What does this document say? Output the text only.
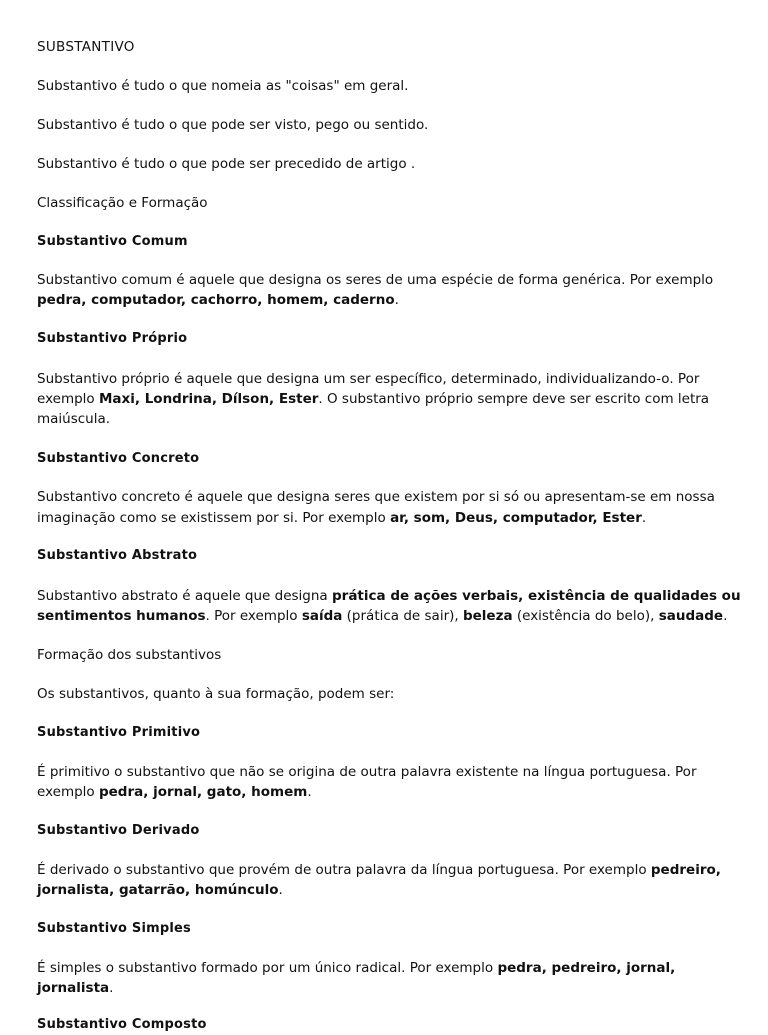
SUBSTANTIVO
Substantivo é tudo o que nomeia as "coisas" em geral.
Substantivo é tudo o que pode ser visto, pego ou sentido.
Substantivo é tudo o que pode ser precedido de artigo .
Classificação e Formação
Substantivo Comum
Substantivo comum é aquele que designa os seres de uma espécie de forma genérica. Por exemplo
pedra, computador, cachorro, homem, caderno.
Substantivo Próprio
Substantivo próprio é aquele que designa um ser específico, determinado, individualizando-o. Por
exemplo Maxi, Londrina, Dílson, Ester. O substantivo próprio sempre deve ser escrito com letra
maiúscula.
Substantivo Concreto
Substantivo concreto é aquele que designa seres que existem por si só ou apresentam-se em nossa
imaginação como se existissem por si. Por exemplo ar, som, Deus, computador, Ester.
Substantivo Abstrato
Substantivo abstrato é aquele que designa prática de ações verbais, existência de qualidades ou
sentimentos humanos. Por exemplo saída (prática de sair), beleza (existência do belo), saudade.
Formação dos substantivos
Os substantivos, quanto à sua formação, podem ser:
Substantivo Primitivo
É primitivo o substantivo que não se origina de outra palavra existente na língua portuguesa. Por
exemplo pedra, jornal, gato, homem.
Substantivo Derivado
É derivado o substantivo que provém de outra palavra da língua portuguesa. Por exemplo pedreiro,
jornalista, gatarrão, homúnculo.
Substantivo Simples
É simples o substantivo formado por um único radical. Por exemplo pedra, pedreiro, jornal,
jornalista.
Substantivo Composto
